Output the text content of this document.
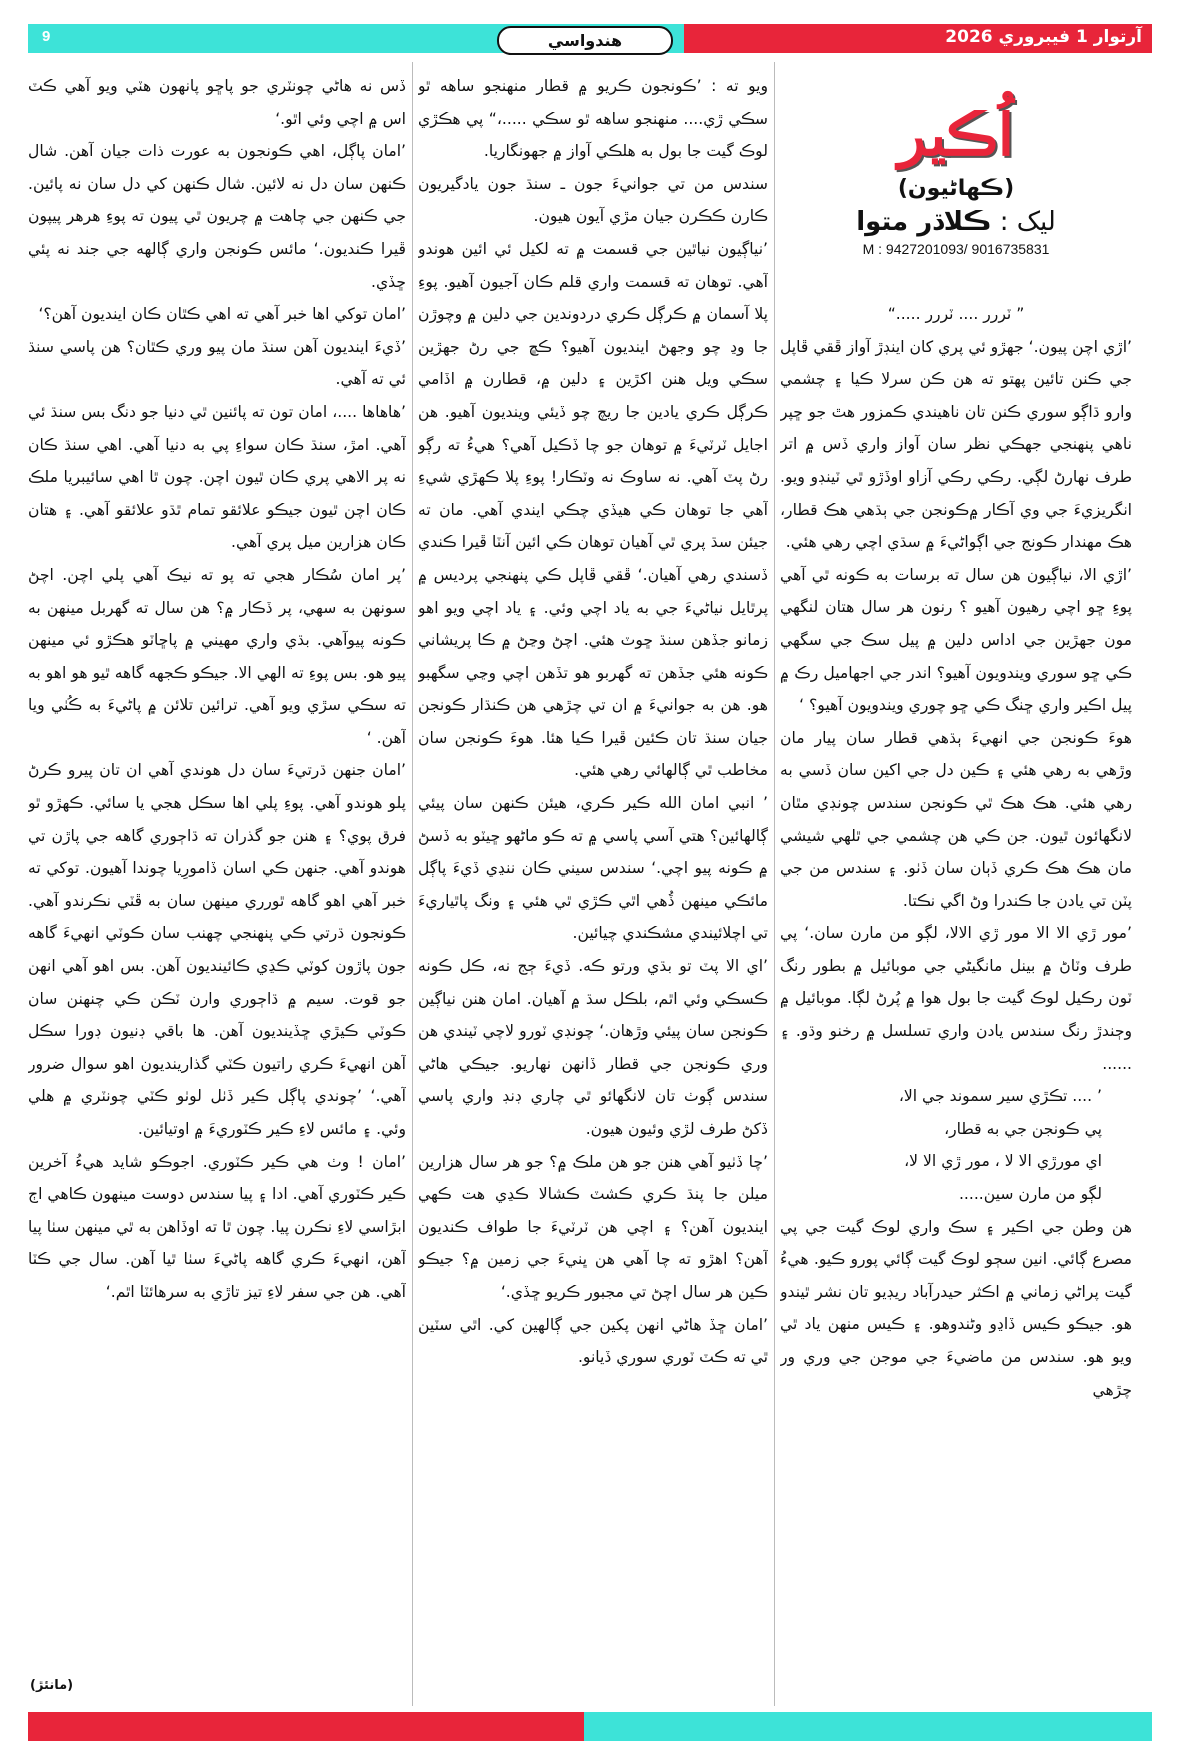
9	آرتوار 1 فيبروري 2026
هندواسي
اُڪير
(ڪهاڻيون)
ليک : ڪلاڌر متوا
M : 9427201093/ 9016735831

” ٽررر .... ٽررر .....“

’اڙي اچن پيون.‘ جهڙو ئي پري کان اينڊڙ آواز ڦقي ڦاپل جي ڪنن تائين پهتو ته هن ڪن سرلا ڪيا ۽ چشمي وارو ڌاڳو سوري ڪنن تان ناهيندي ڪمزور هٿ جو ڇپر ناهي پنهنجي جهڪي نظر سان آواز واري ڏس ۾ اتر طرف نهارڻ لڳي. رڪي رڪي آزاو اوڏڙو ٿي ٽينڊو ويو. انگريزيءَ جي وي آڪار ۾ڪونجن جي ٻڌهي هڪ قطار، هڪ مهندار ڪونج جي اڳواڻيءَ ۾ سڌي اچي رهي هئي.

’اڙي الا، نياڳيون هن سال ته برسات به ڪونه ٿي آهي پوءِ ڇو اچي رهيون آهيو ؟ رنون هر سال هتان لنگهي مون جهڙين جي اداس دلين ۾ پيل سڪ جي سگهي ڪي ڇو سوري ويندويون آهيو؟ اندر جي اجهاميل رڪ ۾ پيل اڪير واري ڇنگ ڪي ڇو چوري ويندويون آهيو؟ ‘

هوءَ ڪونجن جي انهيءَ ٻڌهي قطار سان پيار مان وڙهي به رهي هئي ۽ ڪين دل جي اکين سان ڏسي به رهي هئي. هڪ هڪ ٿي ڪونجن سندس چونڊي مٿان لانگهائون ٿيون. جن ڪي هن چشمي جي ٿلهي شيشي مان هڪ هڪ ڪري ڏٻان سان ڏٺو. ۽ سندس من جي پٽن تي يادن جا ڪندرا وڻ اگي نڪتا.

’مور ڙي الا الا مور ڙي الالا، لڳو من مارن سان.‘ پي طرف وٽاڻ ۾ بينل مانگيڻي جي موبائيل ۾ بطور رنگ ٽون رڪيل لوڪ گيت جا بول هوا ۾ پُرڻ لڳا. موبائيل ۾ وڄندڙ رنگ سندس يادن واري تسلسل ۾ رخنو وڌو. ۽ ......

’ .... تڪڙي سير سموند جي الا،
پي ڪونجن جي به قطار،
اي مورڙي الا لا ، مور ڙي الا لا،
لڳو من مارن سين.....

هن وطن جي اڪير ۽ سڪ واري لوڪ گيت جي پي مصرع ڳائي. انين سڄو لوڪ گيت ڳائي پورو ڪيو. هيءُ گيت پراڻي زماني ۾ اڪثر حيدرآباد ريڊيو تان نشر ٿيندو هو. جيڪو ڪيس ڏاڍو وڻندوهو. ۽ ڪيس منهن ياد ٿي ويو هو. سندس من ماضيءَ جي موجن جي وري ور چڙهي

ويو ته : ’ڪونجون ڪريو ۾ قطار منهنجو ساهه ٿو سڪي ڙي.... منهنجو ساهه ٿو سڪي .....،“ پي هڪڙي لوڪ گيت جا بول به هلڪي آواز ۾ جهونگاريا.

سندس من تي جوانيءَ جون ـ سنڌ جون يادگيريون ڪارن ڪڪرن جيان مڙي آيون هيون.

’نياڳيون نياٿين جي قسمت ۾ ته لکيل ئي ائين هوندو آهي. توهان ته قسمت واري قلم ڪان آجيون آهيو. پوءِ پلا آسمان ۾ ڪرڳل ڪري دردوندين جي دلين ۾ وچوڙن جا وڍ چو وجهڻ اينديون آهيو؟ ڪڇ جي رڻ جهڙين سڪي ويل هنن اکڙين ۽ دلين ۾، قطارن ۾ اڏامي ڪرڳل ڪري يادين جا ريچ چو ڏيئي وينديون آهيو. هن اجايل ٽرٽيءَ ۾ توهان جو چا ڏڪيل آهي؟ هيءُ ته رڳو رڻ پٽ آهي. نه ساوڪ نه وٽڪار! پوءِ پلا ڪهڙي شيءِ آهي جا توهان ڪي هيڏي چڪي ايندي آهي. مان ته جيئن سڌ پري ٿي آهيان توهان ڪي ائين آنٽا ڦيرا ڪندي ڏسندي رهي آهيان.‘ ڦقي ڦاپل ڪي پنهنجي پرديس ۾ پرٿايل نياڻيءَ جي به ياد اچي وئي. ۽ ياد اچي ويو اهو زمانو جڏهن سنڌ ڇوٽ هئي. اچڻ وڃڻ ۾ ڪا پريشاني ڪونه هئي جڏهن ته گهربو هو تڏهن اچي وڃي سگهبو هو. هن به جوانيءَ ۾ ان تي چڙهي هن ڪنڌار ڪونجن جيان سنڌ تان ڪئين ڦيرا ڪيا هئا. هوءَ ڪونجن سان مخاطب ٿي ڳالهائي رهي هئي.

’ انبي امان الله ڪير ڪري، هيئن ڪنهن سان پيئي ڳالهائين؟ هتي آسي پاسي ۾ ته ڪو ماڻهو ڇيٽو به ڏسڻ ۾ ڪونه پيو اچي.‘ سندس سيني ڪان ننڍي ڏيءَ پاڳل مائڪي مينهن ڏُهي اٿي ڪڙي ٿي هئي ۽ ونگ پاٿياريءَ تي اچلائيندي مشڪندي چيائين.

’اي الا پٽ تو بڌي ورتو ڪه. ڏيءَ ڄج نه، ڪل ڪونه ڪسڪي وئي اٿم، بلڪل سڌ ۾ آهيان. امان هنن نياڳين ڪونجن سان پيئي وڙهان.‘ چونڊي ٽورو لاچي ٽيندي هن وري ڪونجن جي قطار ڏانهن نهاريو. جيڪي هاڻي سندس ڳوٺ تان لانگهائو ٿي چاري ڊنڊ واري پاسي ڏکڻ طرف لڙي وئيون هيون.

’چا ڏٺيو آهي هنن جو هن ملڪ ۾؟ جو هر سال هزارين ميلن جا پنڌ ڪري ڪشٽ ڪشالا ڪڍي هت ڪهي اينديون آهن؟ ۽ اچي هن ٽرٽيءَ جا طواف ڪنديون آهن؟ اهڙو ته چا آهي هن ڀنيءَ جي زمين ۾؟ جيڪو ڪين هر سال اچڻ تي مجبور ڪريو ڇڏي.‘

’امان ڇڏ هاڻي انهن پکين جي ڳالهين کي. اٿي سٽين ٿي ته ڪٽ ٽوري سوري ڏيانو.

ڏس نه هاڻي چونٽري جو پاڇو پانهون هٽي ويو آهي ڪٽ اس ۾ اچي وئي اٿو.‘

’امان پاڳل، اهي ڪونجون به عورت ذات جيان آهن. شال ڪنهن سان دل نه لائين. شال ڪنهن کي دل سان نه پائين. جي ڪنهن جي چاهت ۾ چريون ٿي پيون ته پوءِ هرهر پيپون ڦيرا ڪنديون.‘ مائس ڪونجن واري ڳالهه جي جند نه پئي ڇڏي.

’امان توکي اها خبر آهي ته اهي ڪٿان ڪان اينديون آهن؟‘

’ڏيءَ اينديون آهن سنڌ مان پيو وري ڪٿان؟ هن پاسي سنڌ ئي ته آهي.

’هاهاها ....، امان تون ته پائنين ٿي دنيا جو دنگ بس سنڌ ئي آهي. امڙ، سنڌ ڪان سواءِ پي به دنيا آهي. اهي سنڌ ڪان نه پر الاهي پري ڪان ٿيون اچن. چون ٿا اهي سائيبريا ملڪ ڪان اچن ٿيون جيڪو علائقو تمام ٿڌو علائقو آهي. ۽ هتان ڪان هزارين ميل پري آهي.

’پر امان سُڪار هجي ته پو ته نيڪ آهي پلي اچن. اچڻ سونهن به سهي، پر ڏڪار ۾؟ هن سال ته گهربل مينهن به ڪونه پيوآهي. بڌي واري مهيني ۾ پاڇاٽو هڪڙو ئي مينهن پيو هو. بس پوءِ ته الهي الا. جيڪو ڪجهه گاهه ٿيو هو اهو به ته سڪي سڙي ويو آهي. ترائين تلائن ۾ پاڻيءَ به ڪُٺي ويا آهن. ‘

’امان جنهن ڌرتيءَ سان دل هوندي آهي ان تان پيرو ڪرڻ پلو هوندو آهي. پوءِ پلي اها سڪل هجي يا سائي. ڪهڙو ٿو فرق پوي؟ ۽ هنن جو گذران ته ڌاڄوري گاهه جي پاڙن تي هوندو آهي. جنهن ڪي اسان ڏامورِيا چوندا آهيون. توکي ته خبر آهي اهو گاهه ٿورري مينهن سان به ڦٽي نڪرندو آهي. ڪونجون ڌرتي ڪي پنهنجي چهنب سان ڪوٽي انهيءَ گاهه جون پاڙون کوٽي ڪڍي ڪائينديون آهن. بس اهو آهي انهن جو قوت. سيم ۾ ڌاڄوري وارن ٽڪن ڪي چنهنن سان ڪوٽي ڪيڙي ڇڏينديون آهن. ها باقي ڊنيون ڊورا سڪل آهن انهيءَ ڪري راتيون ڪٽي گذارينديون اهو سوال ضرور آهي.‘ ’چوندي پاڳل ڪير ڏٺل لوٺو ڪٽي چونٽري ۾ هلي وئي. ۽ مائس لاءِ ڪير ڪٽوريءَ ۾ اوتيائين.

’امان ! وٺ هي ڪير ڪٽوري. اجوڪو شايد هيءُ آخرين ڪير ڪٽوري آهي. ادا ۽ پيا سندس دوست مينهون ڪاهي اڄ ابڙاسي لاءِ نڪرن پيا. چون ٿا ته اوڏاهن به ٿي مينهن سٺا پيا آهن، انهيءَ ڪري گاهه پاڻيءَ سٺا ٿيا آهن. سال جي ڪٽا آهي. هن جي سفر لاءِ تيز تاڙي به سرهائٽا اٿم.‘

(مانئڙ)
